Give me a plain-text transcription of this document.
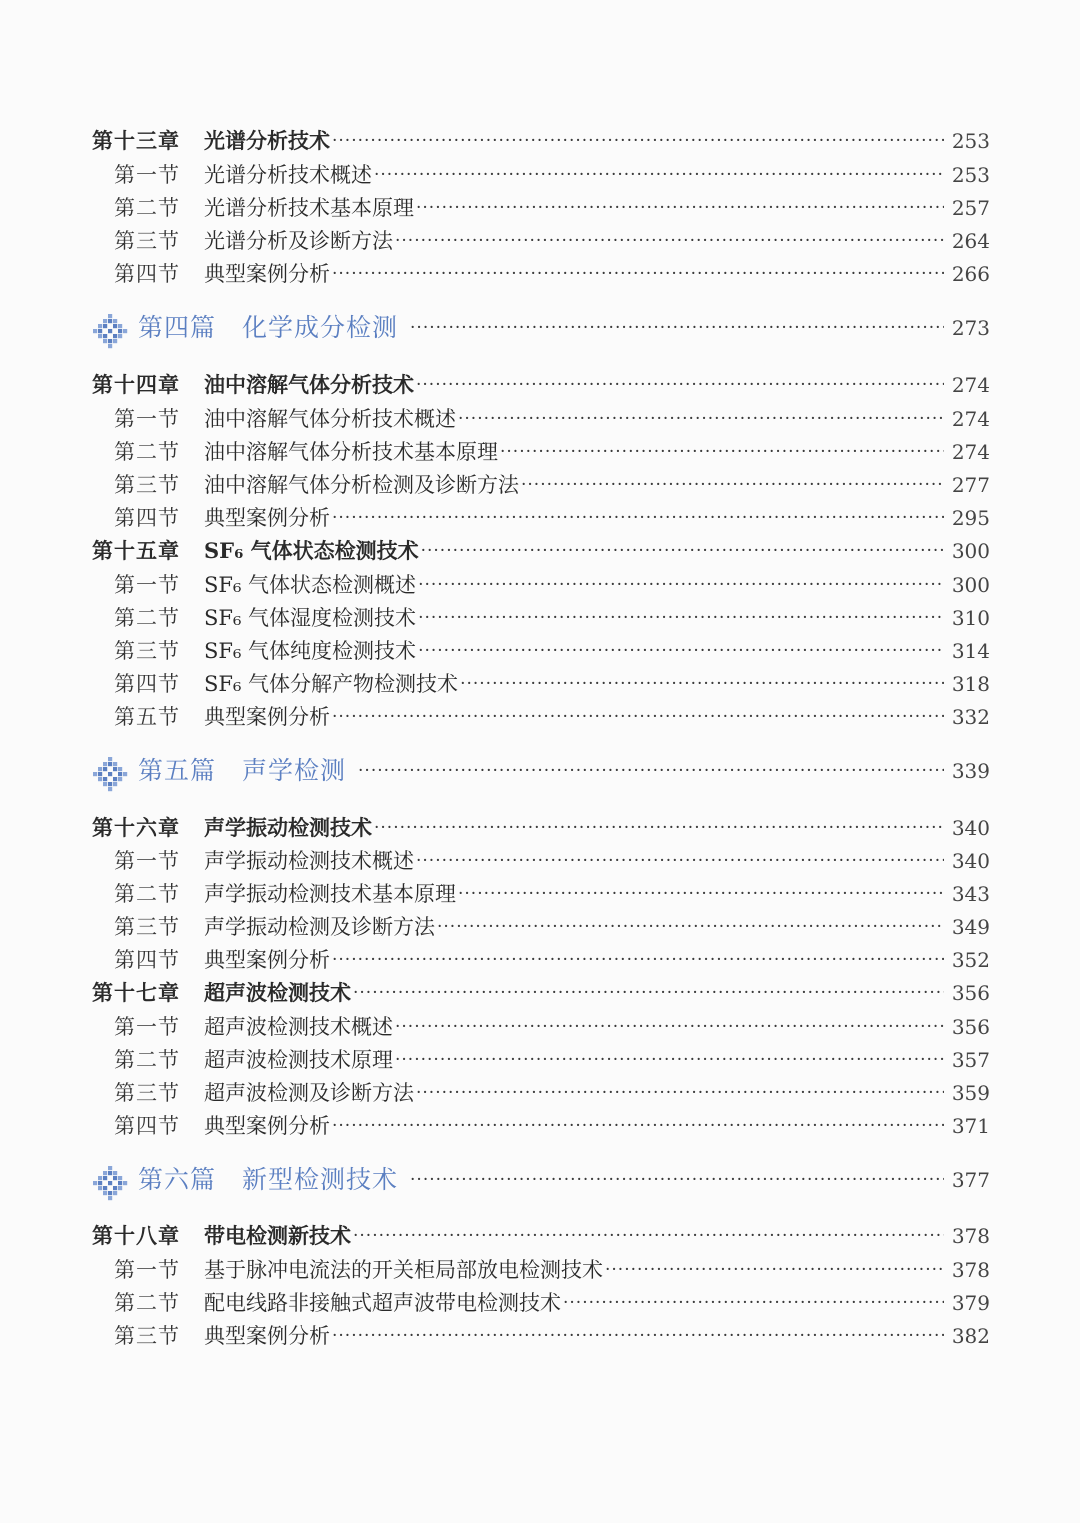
第十三章	光谱分析技术 ·····	253
第一节	光谱分析技术概述 ·····	253
第二节	光谱分析技术基本原理 ·····	257
第三节	光谱分析及诊断方法 ·····	264
第四节	典型案例分析 ·····	266
第四篇	化学成分检测 ·····	273
第十四章	油中溶解气体分析技术 ·····	274
第一节	油中溶解气体分析技术概述 ·····	274
第二节	油中溶解气体分析技术基本原理 ·····	274
第三节	油中溶解气体分析检测及诊断方法 ·····	277
第四节	典型案例分析 ·····	295
第十五章	SF₆ 气体状态检测技术 ·····	300
第一节	SF₆ 气体状态检测概述 ·····	300
第二节	SF₆ 气体湿度检测技术 ·····	310
第三节	SF₆ 气体纯度检测技术 ·····	314
第四节	SF₆ 气体分解产物检测技术 ·····	318
第五节	典型案例分析 ·····	332
第五篇	声学检测 ·····	339
第十六章	声学振动检测技术 ·····	340
第一节	声学振动检测技术概述 ·····	340
第二节	声学振动检测技术基本原理 ·····	343
第三节	声学振动检测及诊断方法 ·····	349
第四节	典型案例分析 ·····	352
第十七章	超声波检测技术 ·····	356
第一节	超声波检测技术概述 ·····	356
第二节	超声波检测技术原理 ·····	357
第三节	超声波检测及诊断方法 ·····	359
第四节	典型案例分析 ·····	371
第六篇	新型检测技术 ·····	377
第十八章	带电检测新技术 ·····	378
第一节	基于脉冲电流法的开关柜局部放电检测技术 ·····	378
第二节	配电线路非接触式超声波带电检测技术 ·····	379
第三节	典型案例分析 ·····	382
